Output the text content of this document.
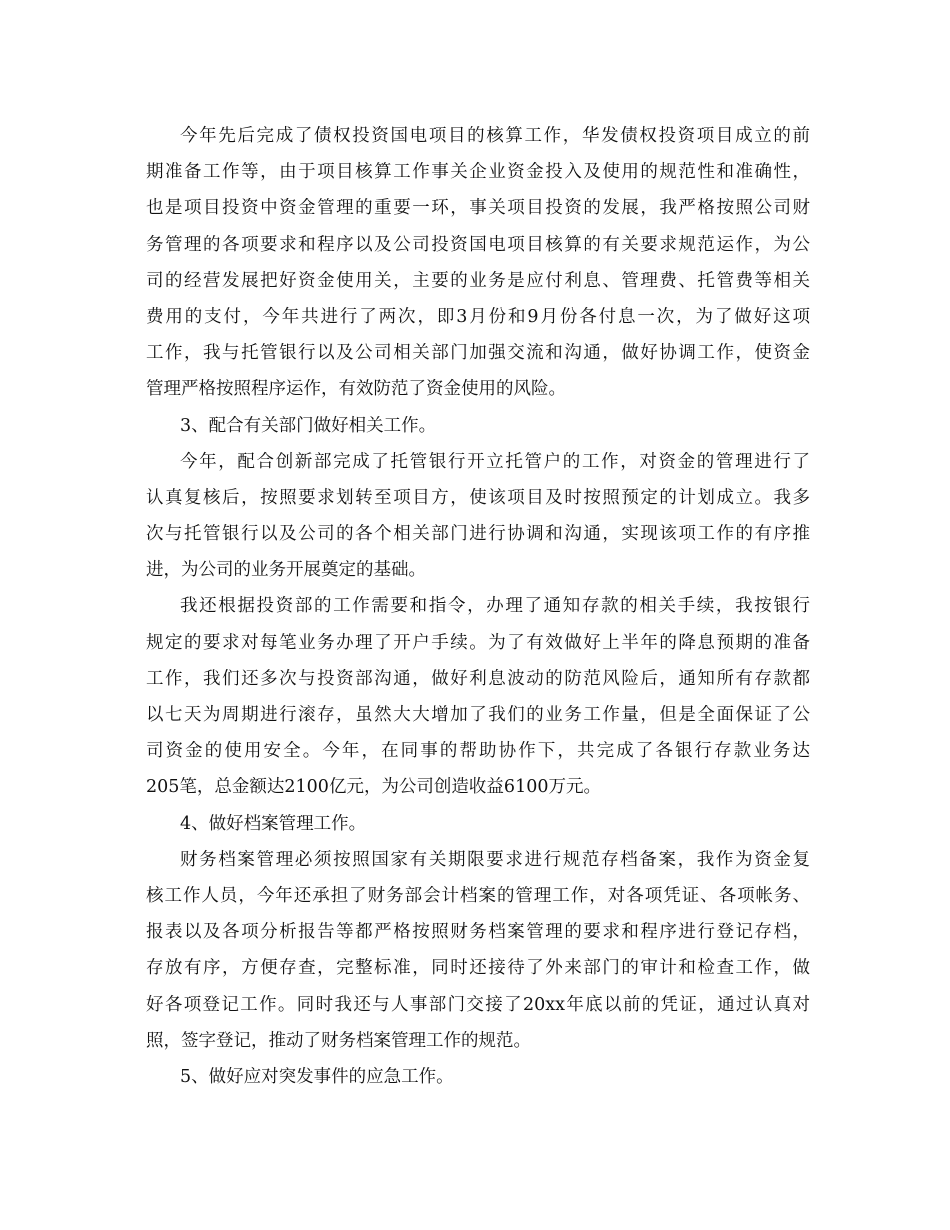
今年先后完成了债权投资国电项目的核算工作，华发债权投资项目成立的前
期准备工作等，由于项目核算工作事关企业资金投入及使用的规范性和准确性，
也是项目投资中资金管理的重要一环，事关项目投资的发展，我严格按照公司财
务管理的各项要求和程序以及公司投资国电项目核算的有关要求规范运作，为公
司的经营发展把好资金使用关，主要的业务是应付利息、管理费、托管费等相关
费用的支付，今年共进行了两次，即3月份和9月份各付息一次，为了做好这项
工作，我与托管银行以及公司相关部门加强交流和沟通，做好协调工作，使资金
管理严格按照程序运作，有效防范了资金使用的风险。
3、配合有关部门做好相关工作。
今年，配合创新部完成了托管银行开立托管户的工作，对资金的管理进行了
认真复核后，按照要求划转至项目方，使该项目及时按照预定的计划成立。我多
次与托管银行以及公司的各个相关部门进行协调和沟通，实现该项工作的有序推
进，为公司的业务开展奠定的基础。
我还根据投资部的工作需要和指令，办理了通知存款的相关手续，我按银行
规定的要求对每笔业务办理了开户手续。为了有效做好上半年的降息预期的准备
工作，我们还多次与投资部沟通，做好利息波动的防范风险后，通知所有存款都
以七天为周期进行滚存，虽然大大增加了我们的业务工作量，但是全面保证了公
司资金的使用安全。今年，在同事的帮助协作下，共完成了各银行存款业务达
205笔，总金额达2100亿元，为公司创造收益6100万元。
4、做好档案管理工作。
财务档案管理必须按照国家有关期限要求进行规范存档备案，我作为资金复
核工作人员，今年还承担了财务部会计档案的管理工作，对各项凭证、各项帐务、
报表以及各项分析报告等都严格按照财务档案管理的要求和程序进行登记存档，
存放有序，方便存查，完整标准，同时还接待了外来部门的审计和检查工作，做
好各项登记工作。同时我还与人事部门交接了20xx年底以前的凭证，通过认真对
照，签字登记，推动了财务档案管理工作的规范。
5、做好应对突发事件的应急工作。
